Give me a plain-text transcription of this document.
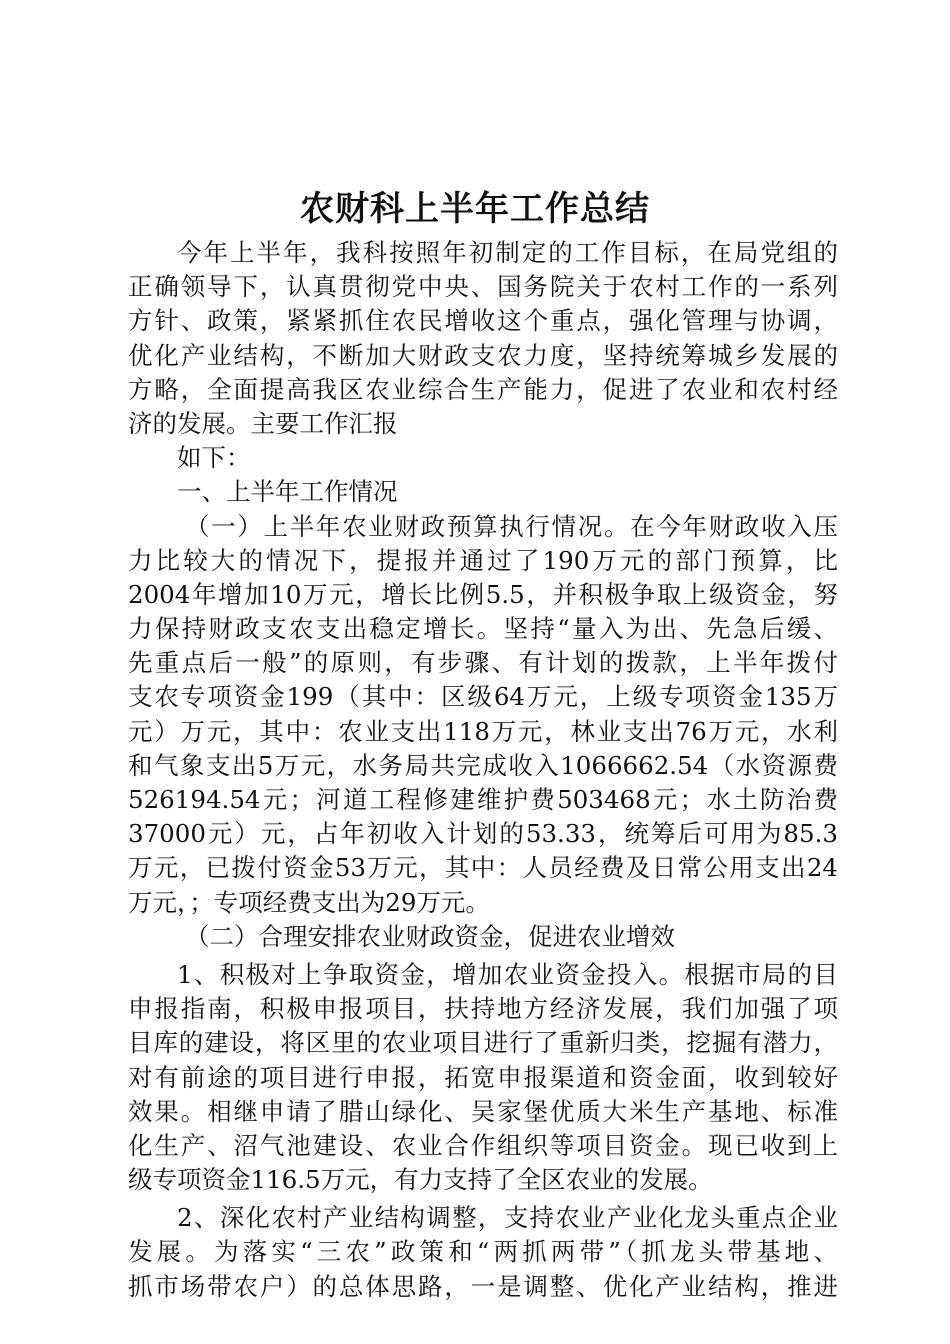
农财科上半年工作总结
今年上半年，我科按照年初制定的工作目标，在局党组的
正确领导下，认真贯彻党中央、国务院关于农村工作的一系列
方针、政策，紧紧抓住农民增收这个重点，强化管理与协调，
优化产业结构，不断加大财政支农力度，坚持统筹城乡发展的
方略，全面提高我区农业综合生产能力，促进了农业和农村经
济的发展。主要工作汇报
如下：
一、上半年工作情况
（一）上半年农业财政预算执行情况。在今年财政收入压
力比较大的情况下，提报并通过了190万元的部门预算，比
2004年增加10万元，增长比例5.5，并积极争取上级资金，努
力保持财政支农支出稳定增长。坚持“量入为出、先急后缓、
先重点后一般”的原则，有步骤、有计划的拨款，上半年拨付
支农专项资金199（其中：区级64万元，上级专项资金135万
元）万元，其中：农业支出118万元，林业支出76万元，水利
和气象支出5万元，水务局共完成收入1066662.54（水资源费
526194.54元；河道工程修建维护费503468元；水土防治费
37000元）元，占年初收入计划的53.33，统筹后可用为85.3
万元，已拨付资金53万元，其中：人员经费及日常公用支出24
万元，；专项经费支出为29万元。
（二）合理安排农业财政资金，促进农业增效
1、积极对上争取资金，增加农业资金投入。根据市局的目
申报指南，积极申报项目，扶持地方经济发展，我们加强了项
目库的建设，将区里的农业项目进行了重新归类，挖掘有潜力，
对有前途的项目进行申报，拓宽申报渠道和资金面，收到较好
效果。相继申请了腊山绿化、吴家堡优质大米生产基地、标准
化生产、沼气池建设、农业合作组织等项目资金。现已收到上
级专项资金116.5万元，有力支持了全区农业的发展。
2、深化农村产业结构调整，支持农业产业化龙头重点企业
发展。为落实“三农”政策和“两抓两带”（抓龙头带基地、
抓市场带农户）的总体思路，一是调整、优化产业结构，推进
